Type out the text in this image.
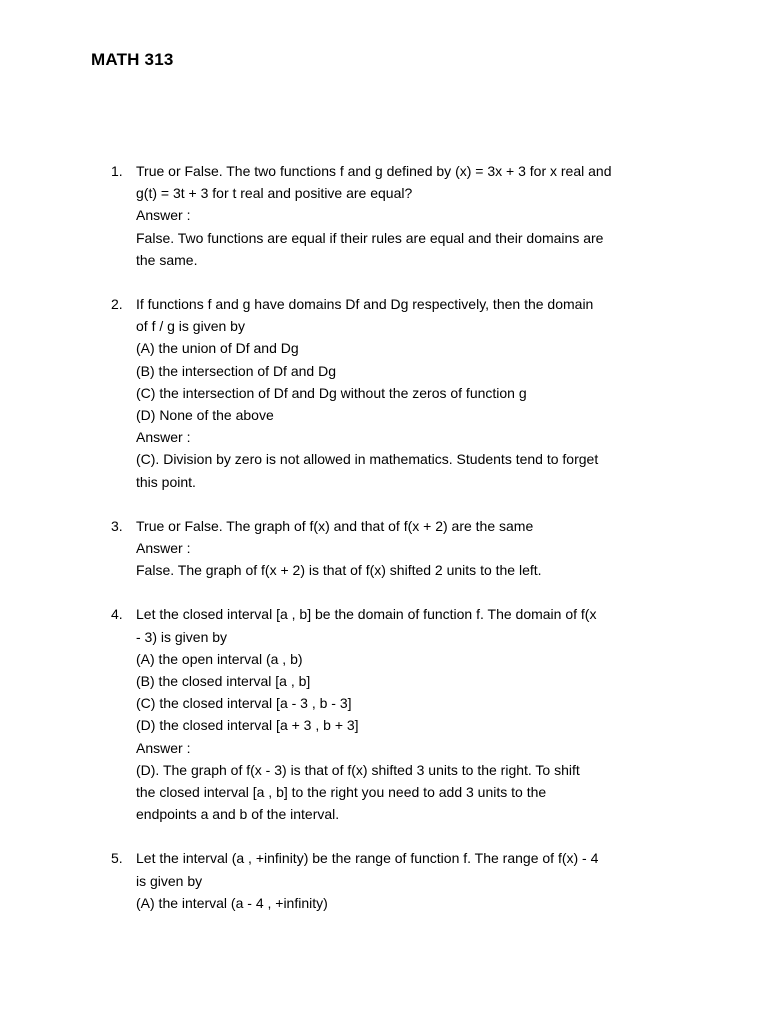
MATH 313
1. True or False. The two functions f and g defined by (x) = 3x + 3 for x real and
g(t) = 3t + 3 for t real and positive are equal?
Answer :
False. Two functions are equal if their rules are equal and their domains are
the same.
2. If functions f and g have domains Df and Dg respectively, then the domain
of f / g is given by
(A) the union of Df and Dg
(B) the intersection of Df and Dg
(C) the intersection of Df and Dg without the zeros of function g
(D) None of the above
Answer :
(C). Division by zero is not allowed in mathematics. Students tend to forget
this point.
3. True or False. The graph of f(x) and that of f(x + 2) are the same
Answer :
False. The graph of f(x + 2) is that of f(x) shifted 2 units to the left.
4. Let the closed interval [a , b] be the domain of function f. The domain of f(x
- 3) is given by
(A) the open interval (a , b)
(B) the closed interval [a , b]
(C) the closed interval [a - 3 , b - 3]
(D) the closed interval [a + 3 , b + 3]
Answer :
(D). The graph of f(x - 3) is that of f(x) shifted 3 units to the right. To shift
the closed interval [a , b] to the right you need to add 3 units to the
endpoints a and b of the interval.
5. Let the interval (a , +infinity) be the range of function f. The range of f(x) - 4
is given by
(A) the interval (a - 4 , +infinity)
